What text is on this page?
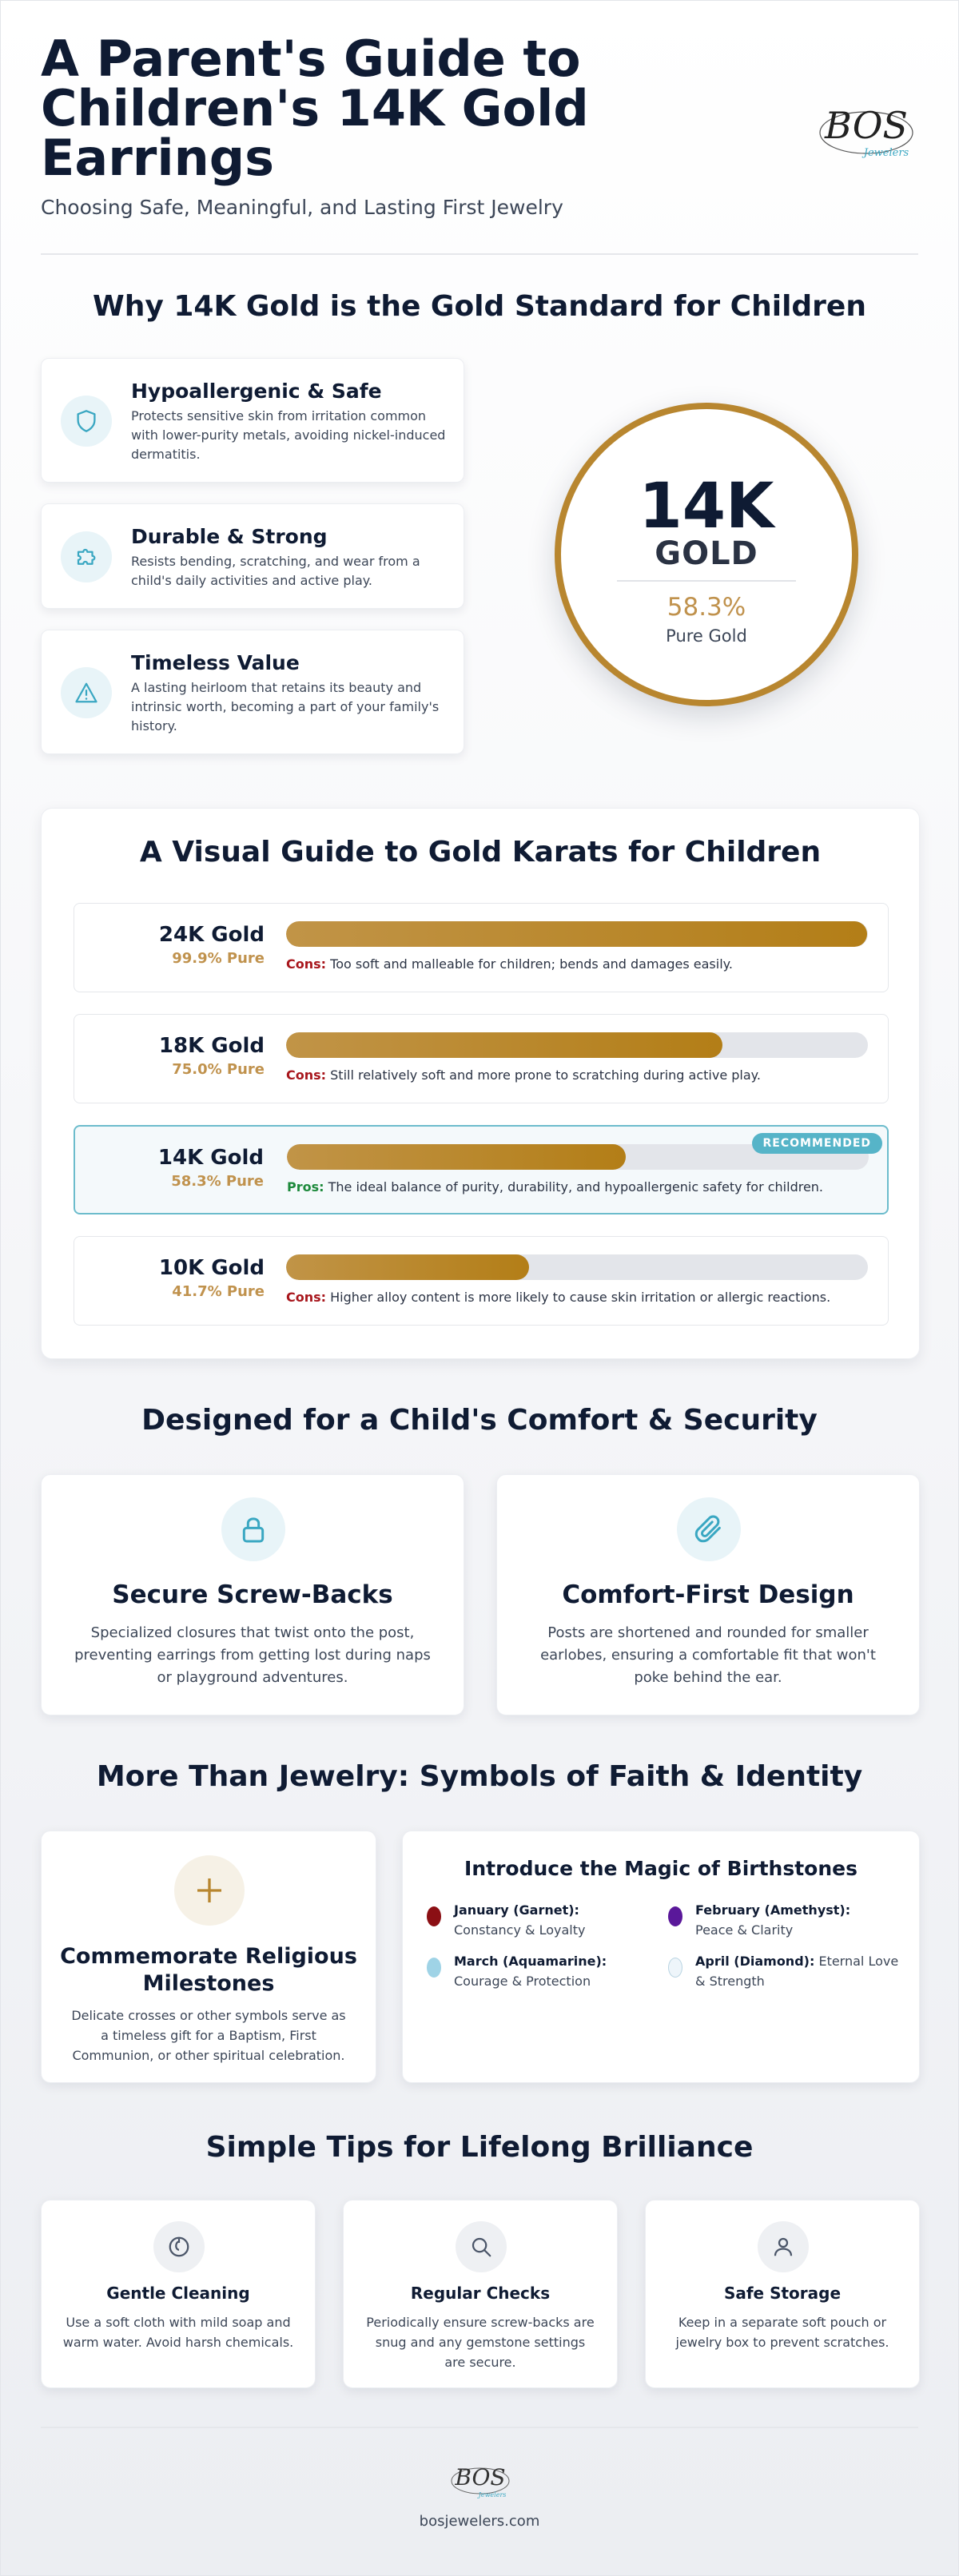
A Parent's Guide to Children's 14K Gold Earrings
Choosing Safe, Meaningful, and Lasting First Jewelry
BOS
Jewelers
Why 14K Gold is the Gold Standard for Children
Hypoallergenic & Safe

Protects sensitive skin from irritation common with lower-purity metals, avoiding nickel-induced dermatitis.

Durable & Strong

Resists bending, scratching, and wear from a child's daily activities and active play.

Timeless Value

A lasting heirloom that retains its beauty and intrinsic worth, becoming a part of your family's history.

14K
GOLD
58.3%
Pure Gold
A Visual Guide to Gold Karats for Children
24K Gold
99.9% Pure Cons: Too soft and malleable for children; bends and damages easily.
18K Gold
75.0% Pure Cons: Still relatively soft and more prone to scratching during active play.
14K Gold
58.3% Pure Pros: The ideal balance of purity, durability, and hypoallergenic safety for children.
RECOMMENDED
10K Gold
41.7% Pure Cons: Higher alloy content is more likely to cause skin irritation or allergic reactions.
Designed for a Child's Comfort & Security
Secure Screw-Backs

Specialized closures that twist onto the post, preventing earrings from getting lost during naps or playground adventures.

Comfort-First Design

Posts are shortened and rounded for smaller earlobes, ensuring a comfortable fit that won't poke behind the ear.

More Than Jewelry: Symbols of Faith & Identity
Commemorate Religious Milestones

Delicate crosses or other symbols serve as a timeless gift for a Baptism, First Communion, or other spiritual celebration.

Introduce the Magic of Birthstones
January (Garnet):
Constancy & Loyalty
February (Amethyst):
Peace & Clarity
March (Aquamarine):
Courage & Protection
April (Diamond): Eternal Love & Strength
Simple Tips for Lifelong Brilliance
Gentle Cleaning

Use a soft cloth with mild soap and warm water. Avoid harsh chemicals.

Regular Checks

Periodically ensure screw-backs are snug and any gemstone settings are secure.

Safe Storage

Keep in a separate soft pouch or jewelry box to prevent scratches.

BOS
Jewelers
bosjewelers.com
